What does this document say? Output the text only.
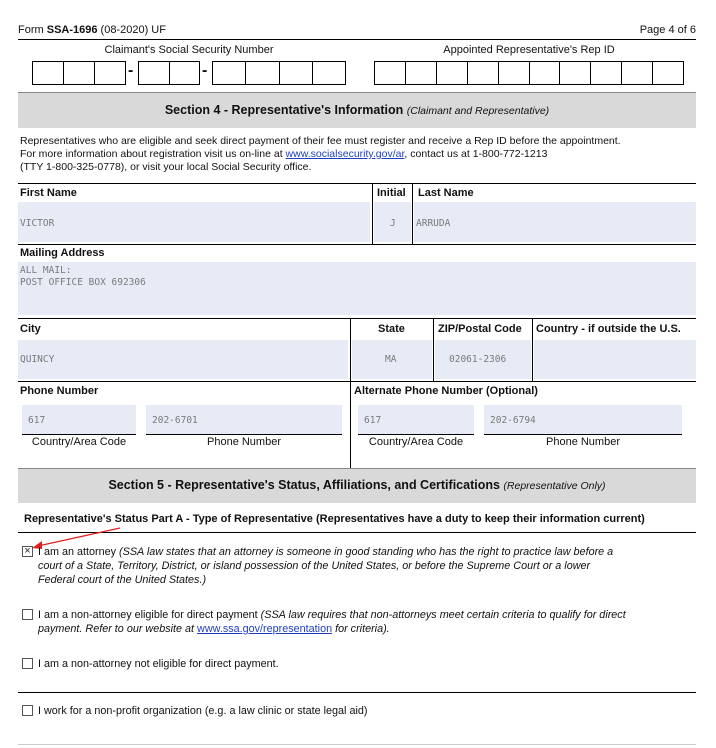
Form SSA-1696 (08-2020) UF	Page 4 of 6
Claimant's Social Security Number	Appointed Representative's Rep ID
-	-
Section 4 - Representative's Information (Claimant and Representative)
Representatives who are eligible and seek direct payment of their fee must register and receive a Rep ID before the appointment.
For more information about registration visit us on-line at www.socialsecurity.gov/ar, contact us at 1-800-772-1213
(TTY 1-800-325-0778), or visit your local Social Security office.
First Name	Initial Last Name
VICTOR	J	ARRUDA
Mailing Address
ALL MAIL:
POST OFFICE BOX 692306
City	State	ZIP/Postal Code Country - if outside the U.S.
QUINCY	MA	02061-2306
Phone Number	Alternate Phone Number (Optional)
617	202-6701
Country/Area Code	Phone Number
617	202-6794
Country/Area Code	Phone Number
Section 5 - Representative's Status, Affiliations, and Certifications (Representative Only)
Representative's Status Part A - Type of Representative (Representatives have a duty to keep their information current)
× I am an attorney (SSA law states that an attorney is someone in good standing who has the right to practice law before a
court of a State, Territory, District, or island possession of the United States, or before the Supreme Court or a lower
Federal court of the United States.)
I am a non-attorney eligible for direct payment (SSA law requires that non-attorneys meet certain criteria to qualify for direct
payment. Refer to our website at www.ssa.gov/representation for criteria).
I am a non-attorney not eligible for direct payment.
I work for a non-profit organization (e.g. a law clinic or state legal aid)
